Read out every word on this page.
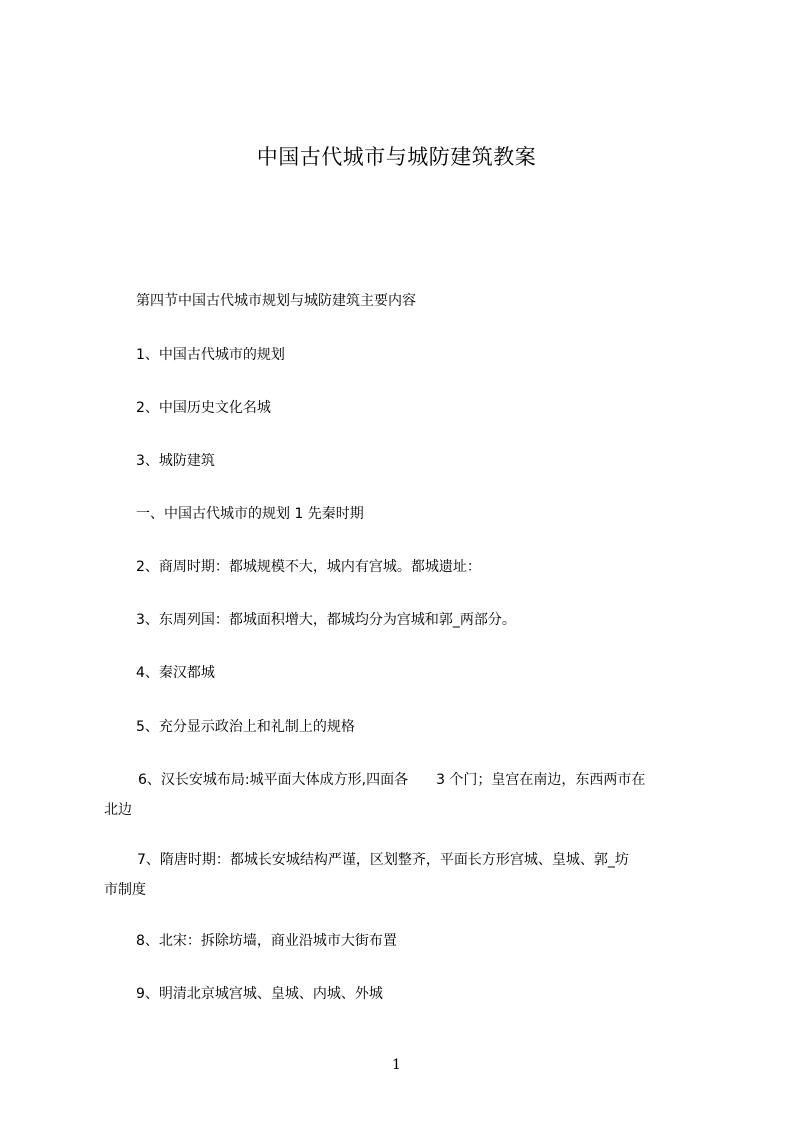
中国古代城市与城防建筑教案
第四节中国古代城市规划与城防建筑主要内容
1、中国古代城市的规划
2、中国历史文化名城
3、城防建筑
一、中国古代城市的规划 1 先秦时期
2、商周时期：都城规模不大，城内有宫城。都城遗址：
3、东周列国：都城面积增大，都城均分为宫城和郭_两部分。
4、秦汉都城
5、充分显示政治上和礼制上的规格
6、汉长安城布局:城平面大体成方形,四面各　　3 个门；皇宫在南边，东西两市在
北边
7、隋唐时期：都城长安城结构严谨，区划整齐，平面长方形宫城、皇城、郭_坊
市制度
8、北宋：拆除坊墙，商业沿城市大街布置
9、明清北京城宫城、皇城、内城、外城
1
